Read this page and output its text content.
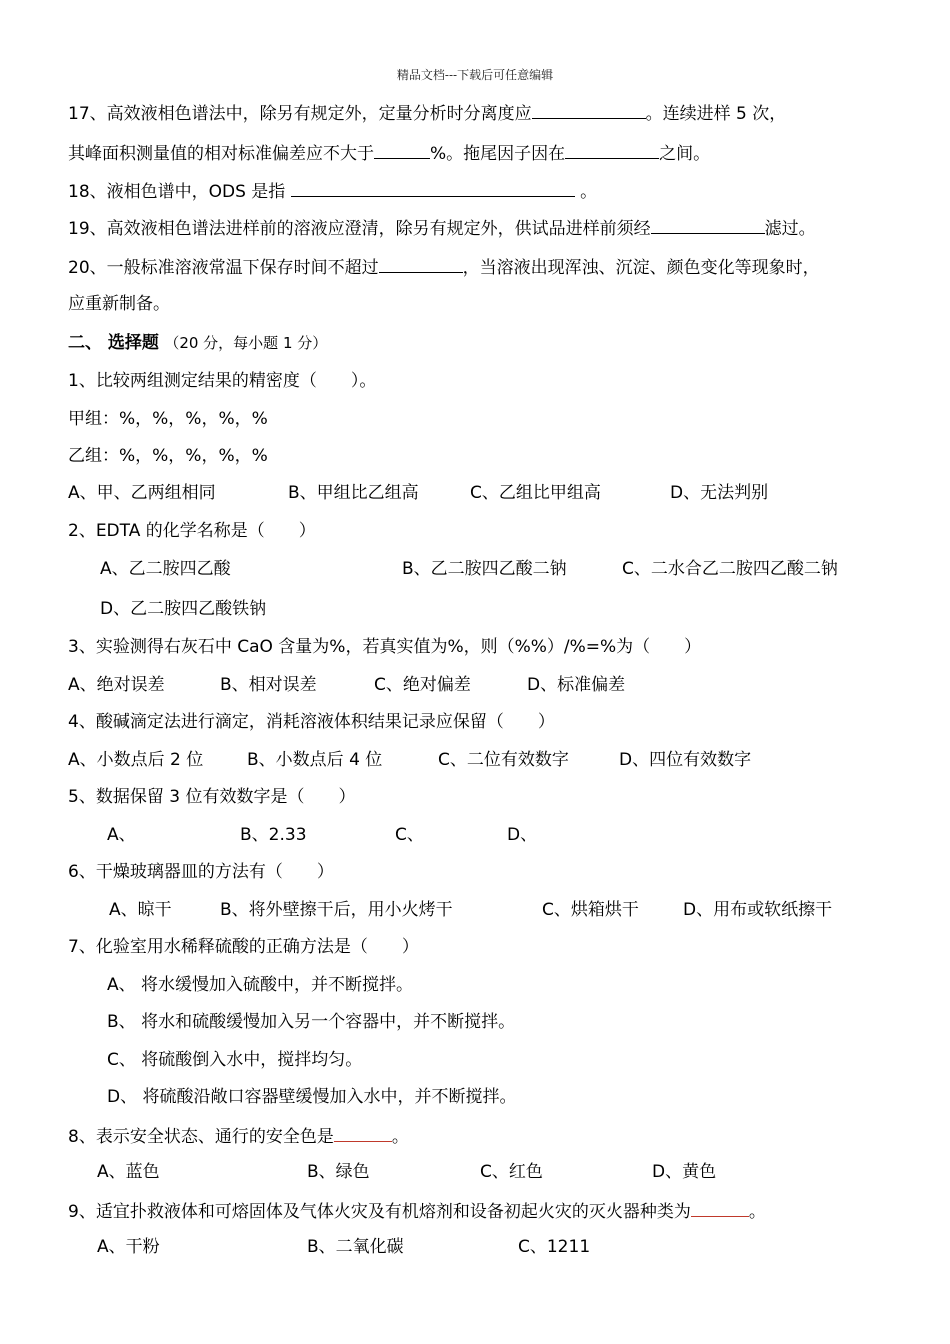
精品文档---下载后可任意编辑
17、高效液相色谱法中，除另有规定外，定量分析时分离度应	。连续进样 5 次，
其峰面积测量值的相对标准偏差应不大于	%。拖尾因子因在	之间。
18、液相色谱中，ODS 是指	。
19、高效液相色谱法进样前的溶液应澄清，除另有规定外，供试品进样前须经	滤过。
20、一般标准溶液常温下保存时间不超过	，当溶液出现浑浊、沉淀、颜色变化等现象时，
应重新制备。
二、 选择题 （20 分，每小题 1 分）
1、比较两组测定结果的精密度（　　）。
甲组：%，%，%，%，%
乙组：%，%，%，%，%
A、甲、乙两组相同	B、甲组比乙组高	C、乙组比甲组高	D、无法判别
2、EDTA 的化学名称是（　　）
A、乙二胺四乙酸	B、乙二胺四乙酸二钠	C、二水合乙二胺四乙酸二钠
D、乙二胺四乙酸铁钠
3、实验测得右灰石中 CaO 含量为%，若真实值为%，则（%%）/%=%为（　　）
A、绝对误差	B、相对误差	C、绝对偏差	D、标准偏差
4、酸碱滴定法进行滴定，消耗溶液体积结果记录应保留（　　）
A、小数点后 2 位	B、小数点后 4 位	C、二位有效数字	D、四位有效数字
5、数据保留 3 位有效数字是（　　）
A、	B、2.33	C、	D、
6、干燥玻璃器皿的方法有（　　）
A、晾干	B、将外壁擦干后，用小火烤干	C、烘箱烘干	D、用布或软纸擦干
7、化验室用水稀释硫酸的正确方法是（　　）
A、 将水缓慢加入硫酸中，并不断搅拌。
B、 将水和硫酸缓慢加入另一个容器中，并不断搅拌。
C、 将硫酸倒入水中，搅拌均匀。
D、 将硫酸沿敞口容器壁缓慢加入水中，并不断搅拌。
8、表示安全状态、通行的安全色是	。
A、蓝色	B、绿色	C、红色	D、黄色
9、适宜扑救液体和可熔固体及气体火灾及有机熔剂和设备初起火灾的灭火器种类为	。
A、干粉	B、二氧化碳	C、1211
